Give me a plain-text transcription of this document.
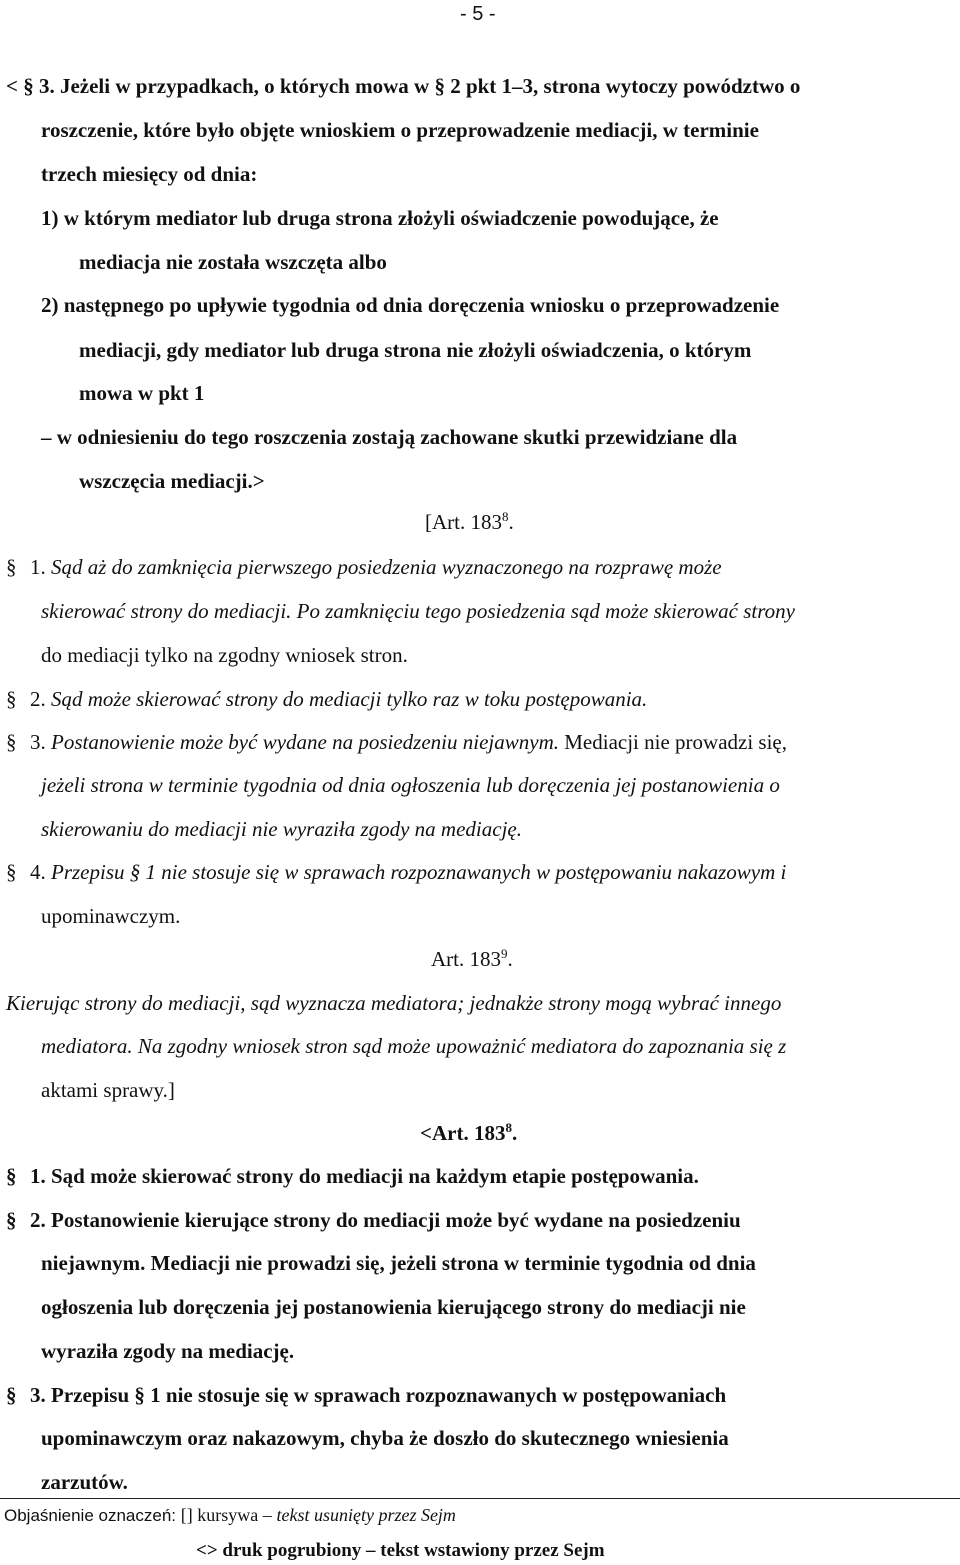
- 5 -
< § 3. Jeżeli w przypadkach, o których mowa w § 2 pkt 1–3, strona wytoczy powództwo o
roszczenie, które było objęte wnioskiem o przeprowadzenie mediacji, w terminie
trzech miesięcy od dnia:
1) w którym mediator lub druga strona złożyli oświadczenie powodujące, że
mediacja nie została wszczęta albo
2) następnego po upływie tygodnia od dnia doręczenia wniosku o przeprowadzenie
mediacji, gdy mediator lub druga strona nie złożyli oświadczenia, o którym
mowa w pkt 1
– w odniesieniu do tego roszczenia zostają zachowane skutki przewidziane dla
wszczęcia mediacji.>
[Art. $183^8$.
§ 1. Sąd aż do zamknięcia pierwszego posiedzenia wyznaczonego na rozprawę może
skierować strony do mediacji. Po zamknięciu tego posiedzenia sąd może skierować strony
do mediacji tylko na zgodny wniosek stron.
§ 2. Sąd może skierować strony do mediacji tylko raz w toku postępowania.
§ 3. Postanowienie może być wydane na posiedzeniu niejawnym. Mediacji nie prowadzi się,
jeżeli strona w terminie tygodnia od dnia ogłoszenia lub doręczenia jej postanowienia o
skierowaniu do mediacji nie wyraziła zgody na mediację.
§ 4. Przepisu § 1 nie stosuje się w sprawach rozpoznawanych w postępowaniu nakazowym i
upominawczym.
Art. $183^9$.
Kierując strony do mediacji, sąd wyznacza mediatora; jednakże strony mogą wybrać innego
mediatora. Na zgodny wniosek stron sąd może upoważnić mediatora do zapoznania się z
aktami sprawy.]
<Art. $183^8$.
§ 1. Sąd może skierować strony do mediacji na każdym etapie postępowania.
§ 2. Postanowienie kierujące strony do mediacji może być wydane na posiedzeniu
niejawnym. Mediacji nie prowadzi się, jeżeli strona w terminie tygodnia od dnia
ogłoszenia lub doręczenia jej postanowienia kierującego strony do mediacji nie
wyraziła zgody na mediację.
§ 3. Przepisu § 1 nie stosuje się w sprawach rozpoznawanych w postępowaniach
upominawczym oraz nakazowym, chyba że doszło do skutecznego wniesienia
zarzutów.
Objaśnienie oznaczeń: [] kursywa – tekst usunięty przez Sejm
<> druk pogrubiony – tekst wstawiony przez Sejm
